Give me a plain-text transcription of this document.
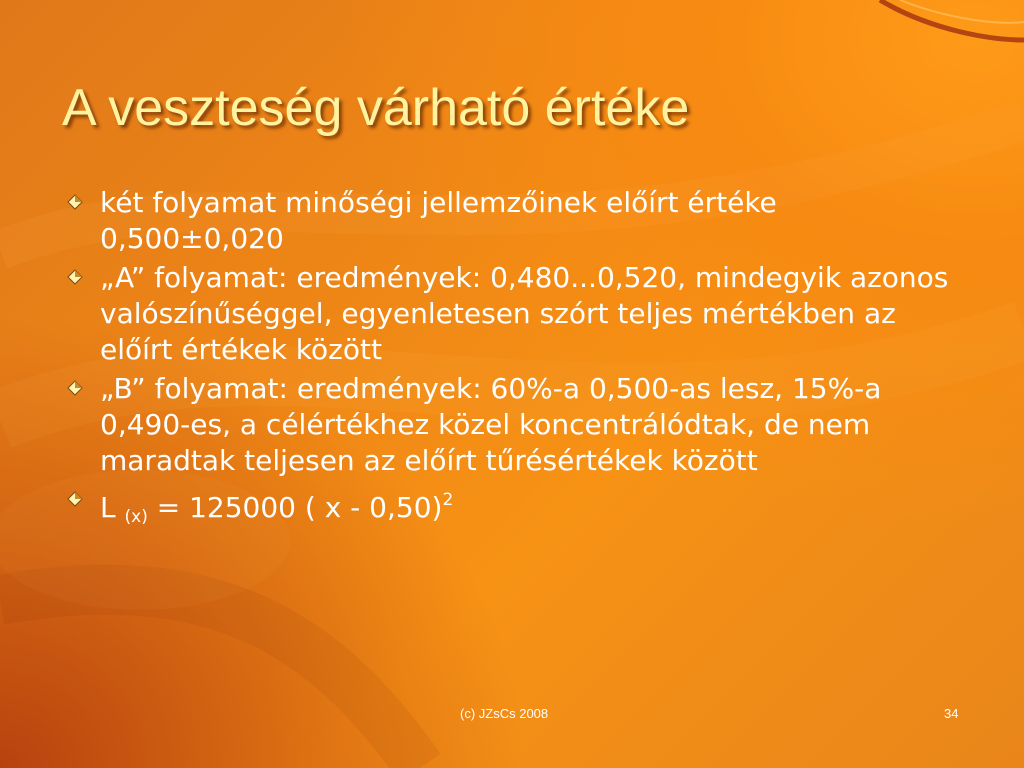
A veszteség várható értéke
két folyamat minőségi jellemzőinek előírt értéke 0,500±0,020
„A” folyamat: eredmények: 0,480...0,520, mindegyik azonos valószínűséggel, egyenletesen szórt teljes mértékben az előírt értékek között
„B” folyamat: eredmények: 60%-a 0,500-as lesz, 15%-a 0,490-es, a célértékhez közel koncentrálódtak, de nem maradtak teljesen az előírt tűrésértékek között
L $_{(x)}$ = 125000 ( x - 0,50)$^2$
(c) JZsCs 2008	34
